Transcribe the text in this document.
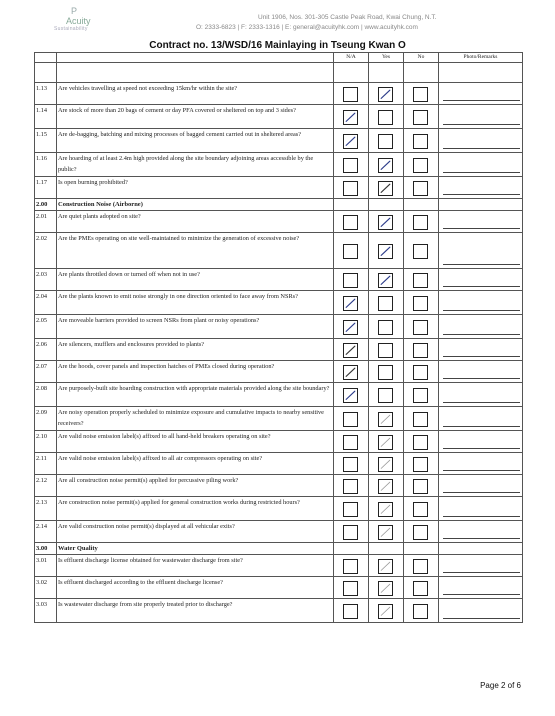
P
Acuity
Sustainability
Unit 1906, Nos. 301-305 Castle Peak Road, Kwai Chung, N.T.
O: 2333-6823 | F: 2333-1316 | E: general@acuityhk.com | www.acuityhk.com
Contract no. 13/WSD/16 Mainlaying in Tseung Kwan O
		N/A	Yes	No	Photo/Remarks

1.13	Are vehicles travelling at speed not exceeding 15km/hr within the site?	

1.14	Are stock of more than 20 bags of cement or day PFA covered or sheltered on top and 3 sides?	

1.15	Are de-bagging, batching and mixing processes of bagged cement carried out in sheltered areas?	

1.16	Are hoarding of at least 2.4m high provided along the site boundary adjoining areas accessible by the public?	

1.17	Is open burning prohibited?	

2.00	Construction Noise (Airborne)				
2.01	Are quiet plants adopted on site?	

2.02	Are the PMEs operating on site well-maintained to minimize the generation of excessive noise?	

2.03	Are plants throttled down or turned off when not in use?	

2.04	Are the plants known to emit noise strongly in one direction oriented to face away from NSRs?	

2.05	Are moveable barriers provided to screen NSRs from plant or noisy operations?	

2.06	Are silencers, mufflers and enclosures provided to plants?	

2.07	Are the hoods, cover panels and inspection hatches of PMEs closed during operation?	

2.08	Are purposely-built site hoarding construction with appropriate materials provided along the site boundary?	

2.09	Are noisy operation properly scheduled to minimize exposure and cumulative impacts to nearby sensitive receivers?	

2.10	Are valid noise emission label(s) affixed to all hand-held breakers operating on site?	

2.11	Are valid noise emission label(s) affixed to all air compressors operating on site?	

2.12	Are all construction noise permit(s) applied for percussive piling work?	

2.13	Are construction noise permit(s) applied for general construction works during restricted hours?	

2.14	Are valid construction noise permit(s) displayed at all vehicular exits?	

3.00	Water Quality				
3.01	Is effluent discharge license obtained for wastewater discharge from site?	

3.02	Is effluent discharged according to the effluent discharge license?	

3.03	Is wastewater discharge from site properly treated prior to discharge?	

Page 2 of 6
